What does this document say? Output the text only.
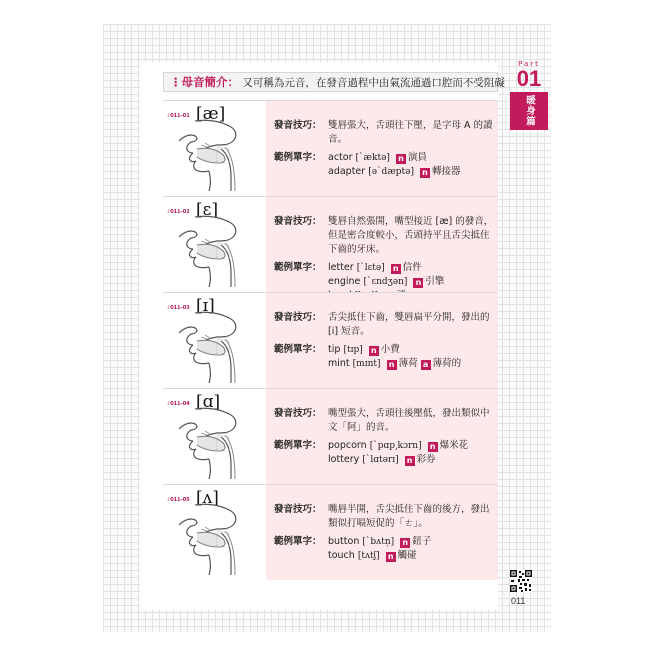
⋮母音簡介： 又可稱為元音，在發音過程中由氣流通過口腔而不受阻礙
Part
01
暖身篇
♪011-01 [æ]
發音技巧： 雙唇張大，舌頭往下壓，是字母 A 的讀音。
範例單字： actor [ˋæktə] n 演員
adapter [əˋdæptə] n 轉接器
♪011-02 [ɛ]
發音技巧： 雙唇自然張開，嘴型接近 [æ] 的發音，但是密合度較小，舌頭持平且舌尖抵住下齒的牙床。
範例單字： letter [ˋlɛtə] n 信件
engine [ˋɛndʒən] n 引擎
♪011-03 [ɪ]
發音技巧： 舌尖抵住下齒，雙唇扁平分開，發出的 [i] 短音。
範例單字： tip [tɪp] n 小費
mint [mɪnt] n 薄荷 a 薄荷的
♪011-04 [ɑ]
發音技巧： 嘴型張大，舌頭往後壓低，發出類似中文「阿」的音。
範例單字： popcorn [ˋpɑp͵kɔrn] n 爆米花
lottery [ˋlɑtərɪ] n 彩券
♪011-05 [ʌ]
發音技巧： 嘴唇半開，舌尖抵住下齒的後方，發出類似打嗝短促的「ㄜ」。
範例單字： button [ˋbʌtn̩] n 鈕子
touch [tʌtʃ] n 觸碰
011
